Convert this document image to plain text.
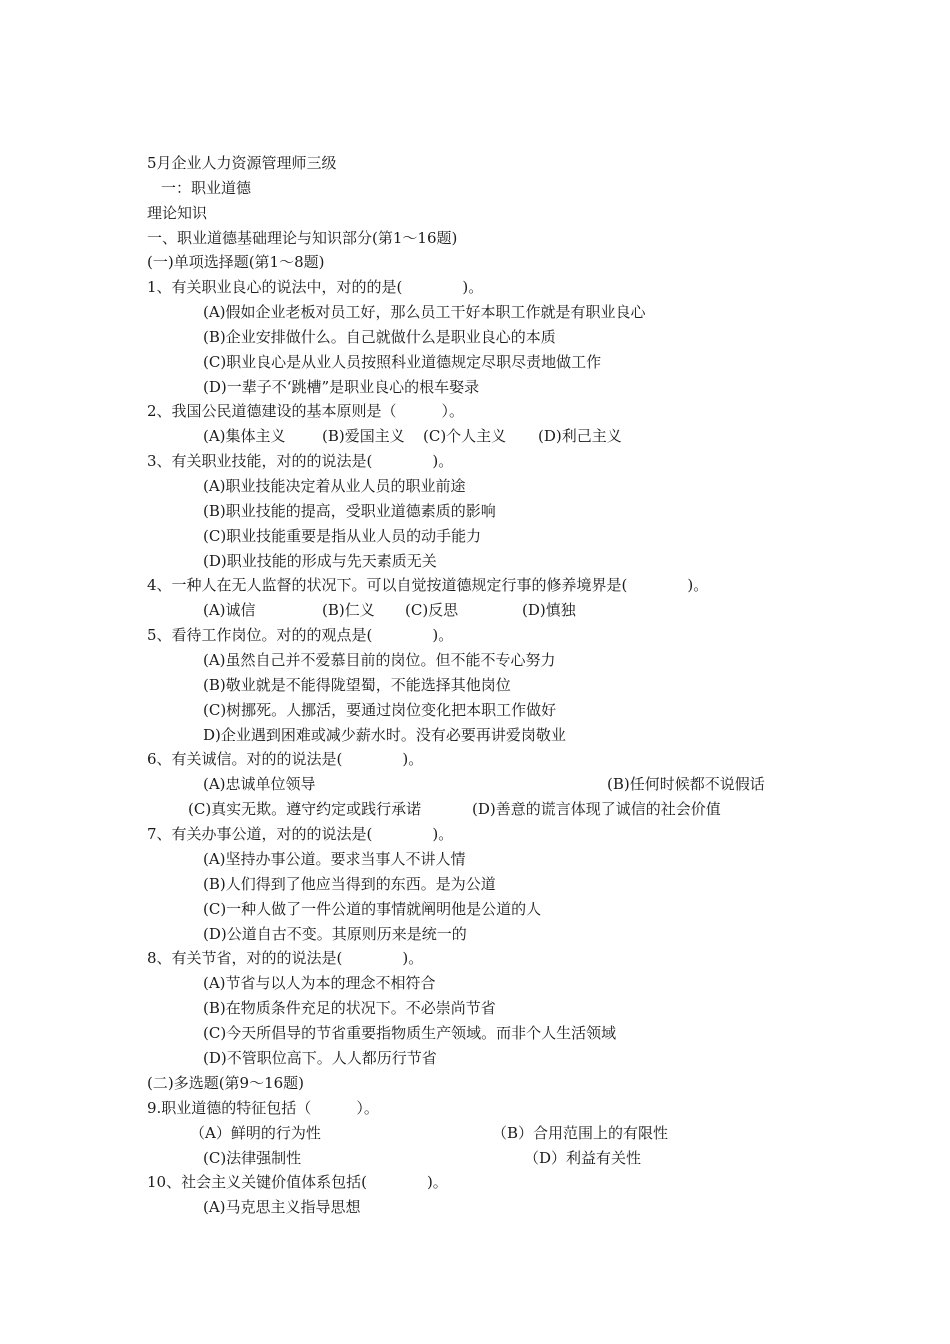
5月企业人力资源管理师三级
一：职业道德
理论知识
一、职业道德基础理论与知识部分(第1～16题)
(一)单项选择题(第1～8题)
1、有关职业良心的说法中，对的的是(　　　　)。
(A)假如企业老板对员工好，那么员工干好本职工作就是有职业良心
(B)企业安排做什么。自己就做什么是职业良心的本质
(C)职业良心是从业人员按照科业道德规定尽职尽责地做工作
(D)一辈子不‘跳槽”是职业良心的根车娶录
2、我国公民道德建设的基本原则是（　　　）。
(A)集体主义 (B)爱国主义 (C)个人主义 (D)利己主义
3、有关职业技能，对的的说法是(　　　　)。
(A)职业技能决定着从业人员的职业前途
(B)职业技能的提高，受职业道德素质的影响
(C)职业技能重要是指从业人员的动手能力
(D)职业技能的形成与先天素质无关
4、一种人在无人监督的状况下。可以自觉按道德规定行事的修养境界是(　　　　)。
(A)诚信	(B)仁义 (C)反思	(D)慎独
5、看待工作岗位。对的的观点是(　　　　)。
(A)虽然自己并不爱慕目前的岗位。但不能不专心努力
(B)敬业就是不能得陇望蜀，不能选择其他岗位
(C)树挪死。人挪活，要通过岗位变化把本职工作做好
D)企业遇到困难或减少薪水时。没有必要再讲爱岗敬业
6、有关诚信。对的的说法是(　　　　)。
(A)忠诚单位领导	(B)任何时候都不说假话
(C)真实无欺。遵守约定或践行承诺	(D)善意的谎言体现了诚信的社会价值
7、有关办事公道，对的的说法是(　　　　)。
(A)坚持办事公道。要求当事人不讲人情
(B)人们得到了他应当得到的东西。是为公道
(C)一种人做了一件公道的事情就阐明他是公道的人
(D)公道自古不变。其原则历来是统一的
8、有关节省，对的的说法是(　　　　)。
(A)节省与以人为本的理念不相符合
(B)在物质条件充足的状况下。不必崇尚节省
(C)今天所倡导的节省重要指物质生产领域。而非个人生活领域
(D)不管职位高下。人人都历行节省
(二)多选题(第9～16题)
9.职业道德的特征包括（　　　）。
（A）鲜明的行为性	（B）合用范围上的有限性
(C)法律强制性	（D）利益有关性
10、社会主义关键价值体系包括(　　　　)。
(A)马克思主义指导思想
